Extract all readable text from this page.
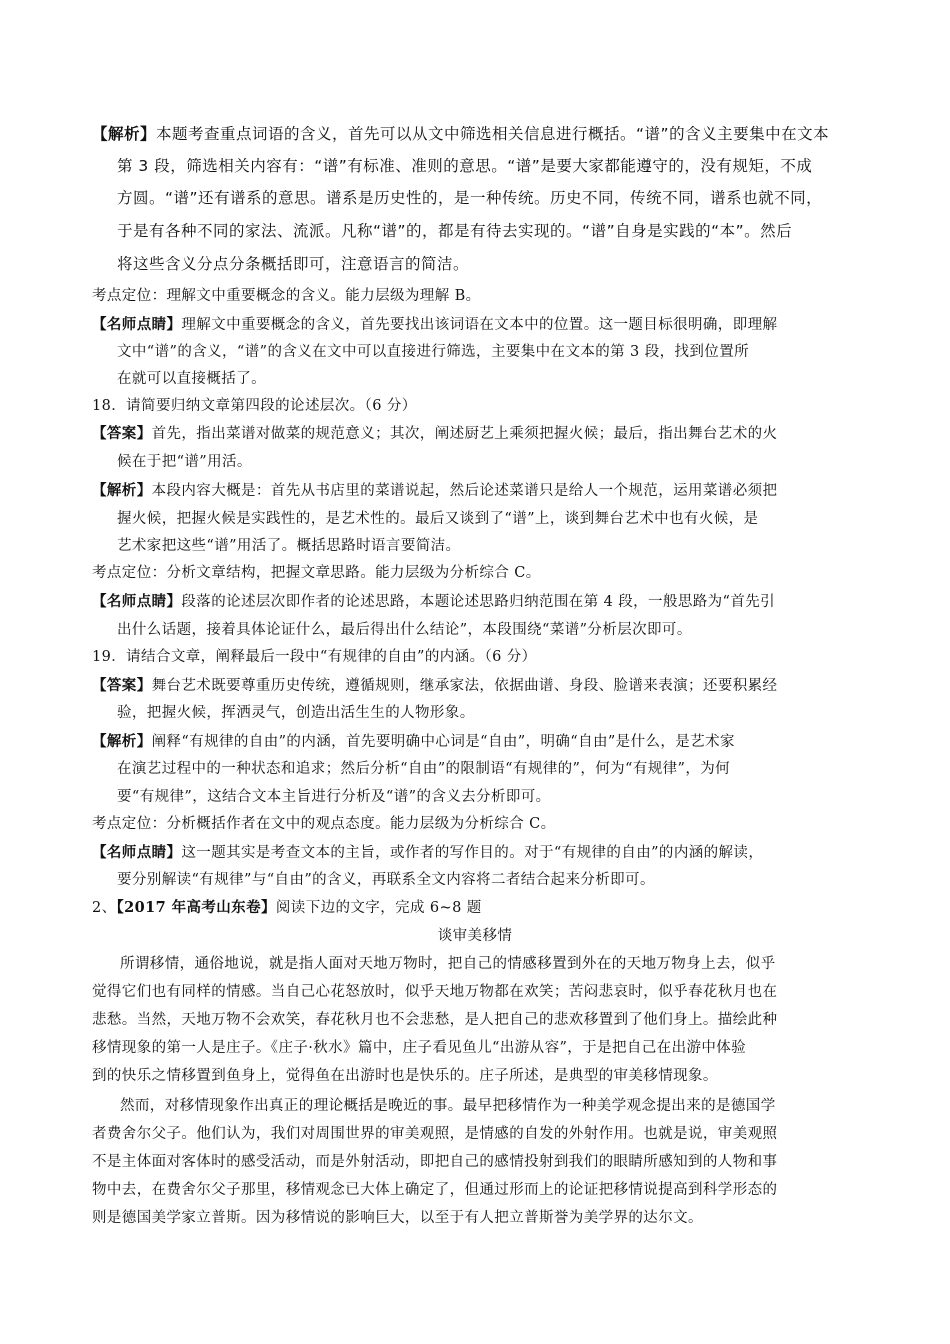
【解析】本题考查重点词语的含义，首先可以从文中筛选相关信息进行概括。“谱”的含义主要集中在文本
第 3 段，筛选相关内容有：“谱”有标准、准则的意思。“谱”是要大家都能遵守的，没有规矩，不成
方圆。“谱”还有谱系的意思。谱系是历史性的，是一种传统。历史不同，传统不同，谱系也就不同，
于是有各种不同的家法、流派。凡称“谱”的，都是有待去实现的。“谱”自身是实践的“本”。然后
将这些含义分点分条概括即可，注意语言的简洁。
考点定位：理解文中重要概念的含义。能力层级为理解 B。
【名师点睛】理解文中重要概念的含义，首先要找出该词语在文本中的位置。这一题目标很明确，即理解
文中“谱”的含义，“谱”的含义在文中可以直接进行筛选，主要集中在文本的第 3 段，找到位置所
在就可以直接概括了。
18．请简要归纳文章第四段的论述层次。（6 分）
【答案】首先，指出菜谱对做菜的规范意义；其次，阐述厨艺上乘须把握火候；最后，指出舞台艺术的火
候在于把“谱”用活。
【解析】本段内容大概是：首先从书店里的菜谱说起，然后论述菜谱只是给人一个规范，运用菜谱必须把
握火候，把握火候是实践性的，是艺术性的。最后又谈到了“谱”上，谈到舞台艺术中也有火候，是
艺术家把这些“谱”用活了。概括思路时语言要简洁。
考点定位：分析文章结构，把握文章思路。能力层级为分析综合 C。
【名师点睛】段落的论述层次即作者的论述思路，本题论述思路归纳范围在第 4 段，一般思路为“首先引
出什么话题，接着具体论证什么，最后得出什么结论”，本段围绕“菜谱”分析层次即可。
19．请结合文章，阐释最后一段中“有规律的自由”的内涵。（6 分）
【答案】舞台艺术既要尊重历史传统，遵循规则，继承家法，依据曲谱、身段、脸谱来表演；还要积累经
验，把握火候，挥洒灵气，创造出活生生的人物形象。
【解析】阐释“有规律的自由”的内涵，首先要明确中心词是“自由”，明确“自由”是什么，是艺术家
在演艺过程中的一种状态和追求；然后分析“自由”的限制语“有规律的”，何为“有规律”，为何
要“有规律”，这结合文本主旨进行分析及“谱”的含义去分析即可。
考点定位：分析概括作者在文中的观点态度。能力层级为分析综合 C。
【名师点睛】这一题其实是考查文本的主旨，或作者的写作目的。对于“有规律的自由”的内涵的解读，
要分别解读“有规律”与“自由”的含义，再联系全文内容将二者结合起来分析即可。
2、【2017 年高考山东卷】阅读下边的文字，完成 6~8 题
谈审美移情
所谓移情，通俗地说，就是指人面对天地万物时，把自己的情感移置到外在的天地万物身上去，似乎
觉得它们也有同样的情感。当自己心花怒放时，似乎天地万物都在欢笑；苦闷悲哀时，似乎春花秋月也在
悲愁。当然，天地万物不会欢笑，春花秋月也不会悲愁，是人把自己的悲欢移置到了他们身上。描绘此种
移情现象的第一人是庄子。《庄子·秋水》篇中，庄子看见鱼儿“出游从容”，于是把自己在出游中体验
到的快乐之情移置到鱼身上，觉得鱼在出游时也是快乐的。庄子所述，是典型的审美移情现象。
然而，对移情现象作出真正的理论概括是晚近的事。最早把移情作为一种美学观念提出来的是德国学
者费舍尔父子。他们认为，我们对周围世界的审美观照，是情感的自发的外射作用。也就是说，审美观照
不是主体面对客体时的感受活动，而是外射活动，即把自己的感情投射到我们的眼睛所感知到的人物和事
物中去，在费舍尔父子那里，移情观念已大体上确定了，但通过形而上的论证把移情说提高到科学形态的
则是德国美学家立普斯。因为移情说的影响巨大，以至于有人把立普斯誉为美学界的达尔文。
